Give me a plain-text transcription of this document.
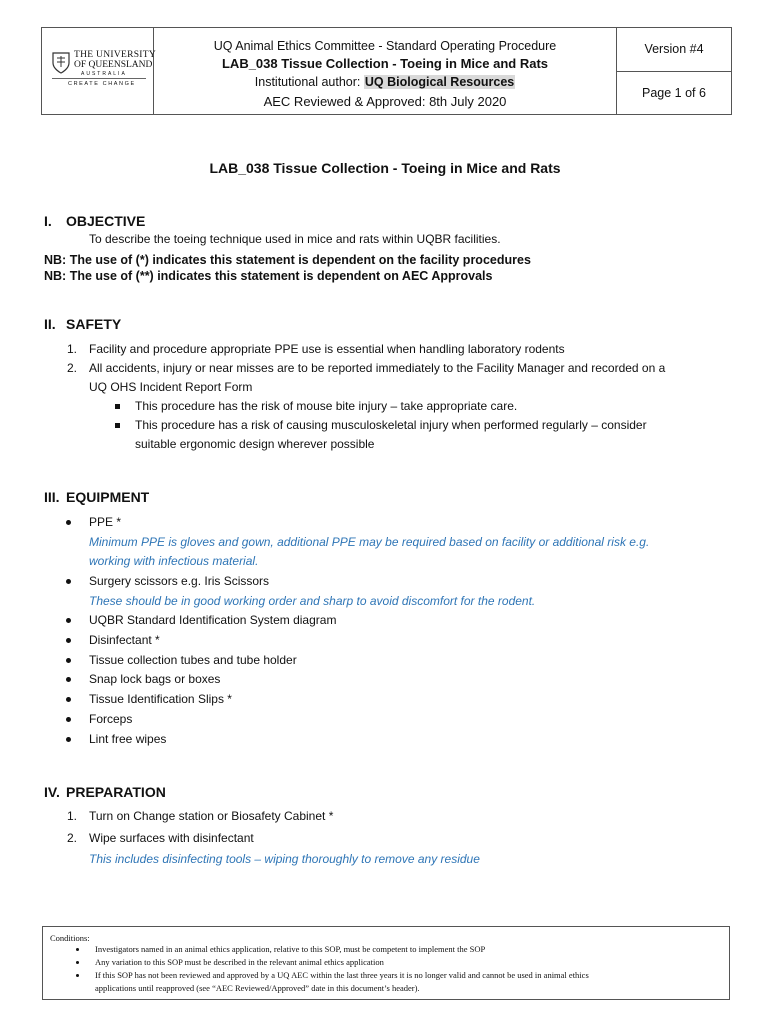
THE UNIVERSITY
OF QUEENSLAND
AUSTRALIA
CREATE CHANGE
UQ Animal Ethics Committee - Standard Operating Procedure
LAB_038 Tissue Collection - Toeing in Mice and Rats
Institutional author: UQ Biological Resources
AEC Reviewed & Approved: 8th July 2020
Version #4
Page 1 of 6
LAB_038 Tissue Collection - Toeing in Mice and Rats
I. OBJECTIVE
To describe the toeing technique used in mice and rats within UQBR facilities.
NB: The use of (*) indicates this statement is dependent on the facility procedures
NB: The use of (**) indicates this statement is dependent on AEC Approvals
II. SAFETY
1. Facility and procedure appropriate PPE use is essential when handling laboratory rodents
2. All accidents, injury or near misses are to be reported immediately to the Facility Manager and recorded on a
UQ OHS Incident Report Form
This procedure has the risk of mouse bite injury – take appropriate care.
This procedure has a risk of causing musculoskeletal injury when performed regularly – consider
suitable ergonomic design wherever possible
III. EQUIPMENT
PPE *
Minimum PPE is gloves and gown, additional PPE may be required based on facility or additional risk e.g.
working with infectious material.
Surgery scissors e.g. Iris Scissors
These should be in good working order and sharp to avoid discomfort for the rodent.
UQBR Standard Identification System diagram
Disinfectant *
Tissue collection tubes and tube holder
Snap lock bags or boxes
Tissue Identification Slips *
Forceps
Lint free wipes
IV. PREPARATION
1. Turn on Change station or Biosafety Cabinet *
2. Wipe surfaces with disinfectant
This includes disinfecting tools – wiping thoroughly to remove any residue
Conditions:
Investigators named in an animal ethics application, relative to this SOP, must be competent to implement the SOP
Any variation to this SOP must be described in the relevant animal ethics application
If this SOP has not been reviewed and approved by a UQ AEC within the last three years it is no longer valid and cannot be used in animal ethics
applications until reapproved (see “AEC Reviewed/Approved” date in this document’s header).
